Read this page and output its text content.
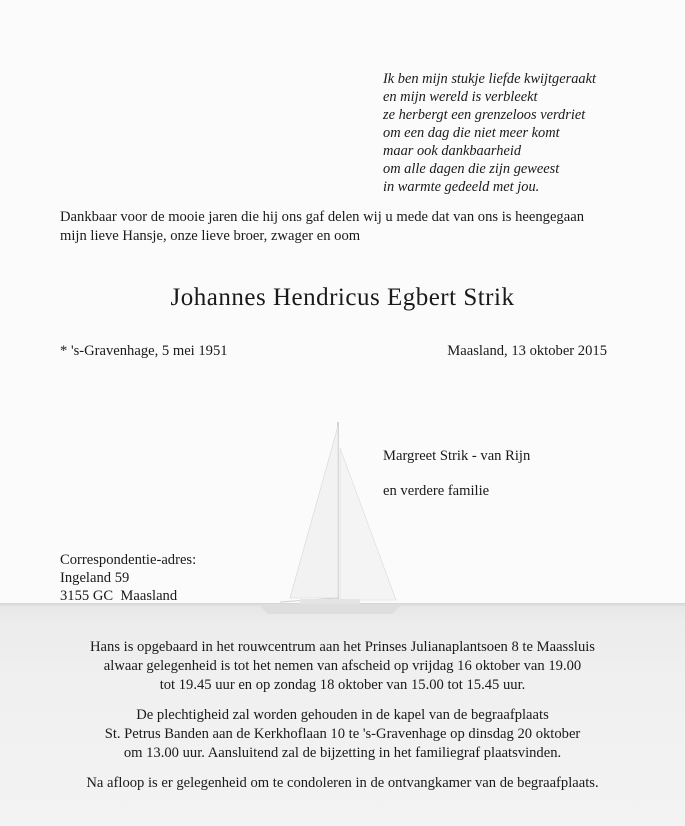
Ik ben mijn stukje liefde kwijtgeraakt
en mijn wereld is verbleekt
ze herbergt een grenzeloos verdriet
om een dag die niet meer komt
maar ook dankbaarheid
om alle dagen die zijn geweest
in warmte gedeeld met jou.
Dankbaar voor de mooie jaren die hij ons gaf delen wij u mede dat van ons is heengegaan
mijn lieve Hansje, onze lieve broer, zwager en oom
Johannes Hendricus Egbert Strik
* 's-Gravenhage, 5 mei 1951	Maasland, 13 oktober 2015
Margreet Strik - van Rijn
en verdere familie
Correspondentie-adres:
Ingeland 59
3155 GC  Maasland
Hans is opgebaard in het rouwcentrum aan het Prinses Julianaplantsoen 8 te Maassluis
alwaar gelegenheid is tot het nemen van afscheid op vrijdag 16 oktober van 19.00
tot 19.45 uur en op zondag 18 oktober van 15.00 tot 15.45 uur.
De plechtigheid zal worden gehouden in de kapel van de begraafplaats
St. Petrus Banden aan de Kerkhoflaan 10 te 's-Gravenhage op dinsdag 20 oktober
om 13.00 uur. Aansluitend zal de bijzetting in het familiegraf plaatsvinden.
Na afloop is er gelegenheid om te condoleren in de ontvangkamer van de begraafplaats.
